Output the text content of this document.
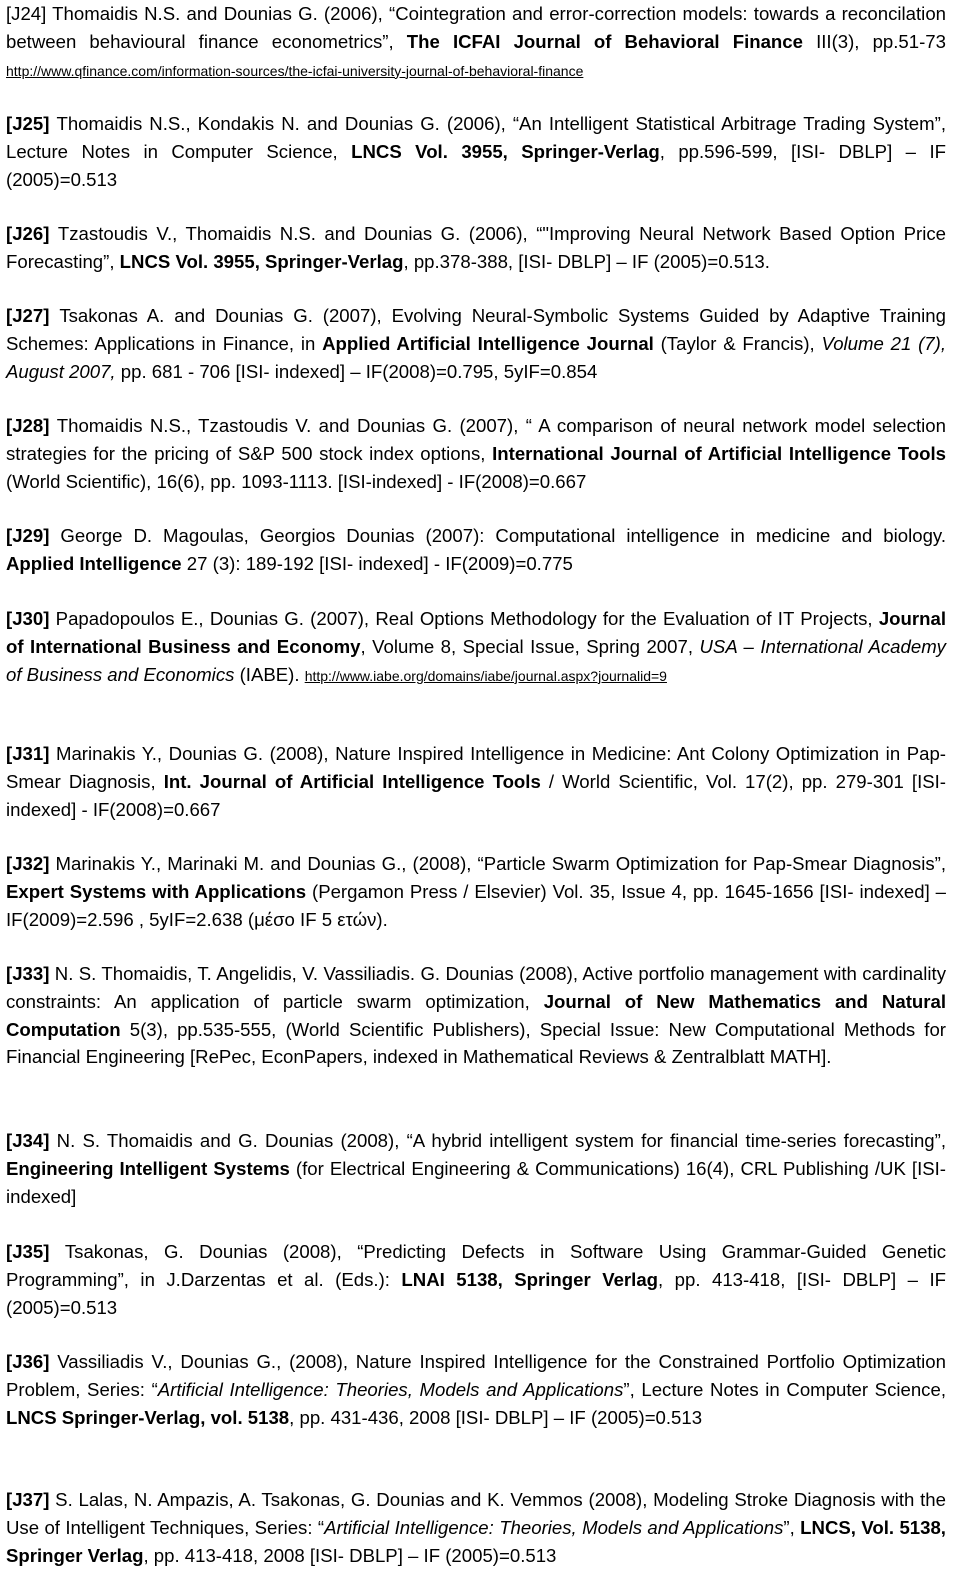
[J24] Thomaidis N.S. and Dounias G. (2006), “Cointegration and error-correction models: towards a reconcilation between behavioural finance econometrics”, The ICFAI Journal of Behavioral Finance III(3), pp.51-73 http://www.qfinance.com/information-sources/the-icfai-university-journal-of-behavioral-finance

[J25] Thomaidis N.S., Kondakis N. and Dounias G. (2006), “An Intelligent Statistical Arbitrage Trading System”, Lecture Notes in Computer Science, LNCS Vol. 3955, Springer-Verlag, pp.596-599, [ISI- DBLP] – IF (2005)=0.513

[J26] Tzastoudis V., Thomaidis N.S. and Dounias G. (2006), “"Improving Neural Network Based Option Price Forecasting”, LNCS Vol. 3955, Springer-Verlag, pp.378-388, [ISI- DBLP] – IF (2005)=0.513.

[J27] Tsakonas A. and Dounias G. (2007), Evolving Neural-Symbolic Systems Guided by Adaptive Training Schemes: Applications in Finance, in Applied Artificial Intelligence Journal (Taylor & Francis), Volume 21 (7), August 2007, pp. 681 - 706 [ISI- indexed] – IF(2008)=0.795, 5yIF=0.854

[J28] Thomaidis N.S., Tzastoudis V. and Dounias G. (2007), “ A comparison of neural network model selection strategies for the pricing of S&P 500 stock index options, International Journal of Artificial Intelligence Tools (World Scientific), 16(6), pp. 1093-1113. [ISI-indexed] - IF(2008)=0.667

[J29] George D. Magoulas, Georgios Dounias (2007): Computational intelligence in medicine and biology. Applied Intelligence 27 (3): 189-192 [ISI- indexed] - IF(2009)=0.775

[J30] Papadopoulos E., Dounias G. (2007), Real Options Methodology for the Evaluation of IT Projects, Journal of International Business and Economy, Volume 8, Special Issue, Spring 2007, USA – International Academy of Business and Economics (IABE). http://www.iabe.org/domains/iabe/journal.aspx?journalid=9

[J31] Marinakis Y., Dounias G. (2008), Nature Inspired Intelligence in Medicine: Ant Colony Optimization in Pap-Smear Diagnosis, Int. Journal of Artificial Intelligence Tools / World Scientific, Vol. 17(2), pp. 279-301 [ISI- indexed] - IF(2008)=0.667

[J32] Marinakis Y., Marinaki M. and Dounias G., (2008), “Particle Swarm Optimization for Pap-Smear Diagnosis”, Expert Systems with Applications (Pergamon Press / Elsevier) Vol. 35, Issue 4, pp. 1645-1656 [ISI- indexed] – IF(2009)=2.596 , 5yIF=2.638 (μέσο IF 5 ετών).

[J33] N. S. Thomaidis, T. Angelidis, V. Vassiliadis. G. Dounias (2008), Active portfolio management with cardinality constraints: An application of particle swarm optimization, Journal of New Mathematics and Natural Computation 5(3), pp.535-555, (World Scientific Publishers), Special Issue: New Computational Methods for Financial Engineering [RePec, EconPapers, indexed in Mathematical Reviews & Zentralblatt MATH].

[J34] N. S. Thomaidis and G. Dounias (2008), “A hybrid intelligent system for financial time-series forecasting”, Engineering Intelligent Systems (for Electrical Engineering & Communications) 16(4), CRL Publishing /UK [ISI- indexed]

[J35] Tsakonas, G. Dounias (2008), “Predicting Defects in Software Using Grammar-Guided Genetic Programming”, in J.Darzentas et al. (Eds.): LNAI 5138, Springer Verlag, pp. 413-418, [ISI- DBLP] – IF (2005)=0.513

[J36] Vassiliadis V., Dounias G., (2008), Nature Inspired Intelligence for the Constrained Portfolio Optimization Problem, Series: “Artificial Intelligence: Theories, Models and Applications”, Lecture Notes in Computer Science, LNCS Springer-Verlag, vol. 5138, pp. 431-436, 2008 [ISI- DBLP] – IF (2005)=0.513

[J37] S. Lalas, N. Ampazis, A. Tsakonas, G. Dounias and K. Vemmos (2008), Modeling Stroke Diagnosis with the Use of Intelligent Techniques, Series: “Artificial Intelligence: Theories, Models and Applications”, LNCS, Vol. 5138, Springer Verlag, pp. 413-418, 2008 [ISI- DBLP] – IF (2005)=0.513
